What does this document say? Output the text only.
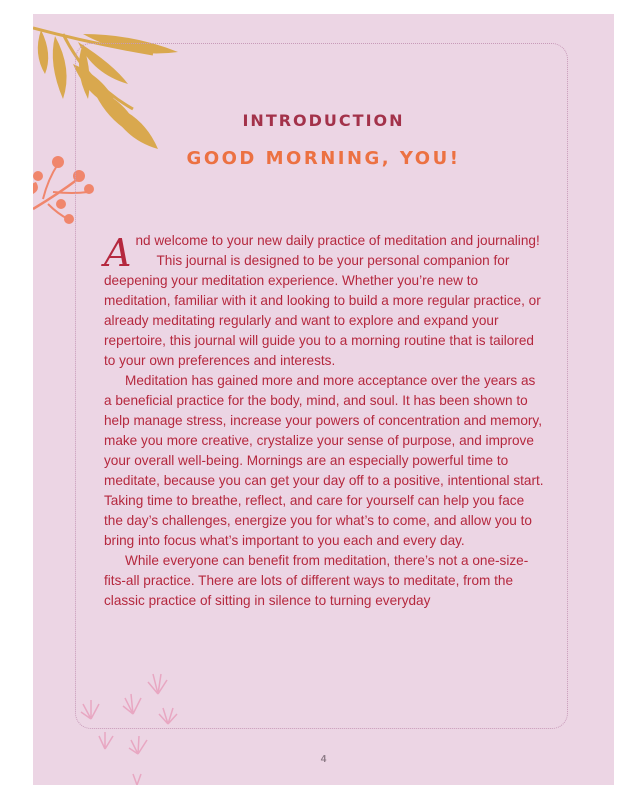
INTRODUCTION
GOOD MORNING, YOU!

And welcome to your new daily practice of meditation and journaling!

This journal is designed to be your personal companion for deepening your meditation experience. Whether you’re new to meditation, familiar with it and looking to build a more regular practice, or already meditating regularly and want to explore and expand your repertoire, this journal will guide you to a morning routine that is tailored to your own preferences and interests.

Meditation has gained more and more acceptance over the years as a beneficial practice for the body, mind, and soul. It has been shown to help manage stress, increase your powers of concentration and memory, make you more creative, crystalize your sense of purpose, and improve your overall well-being. Mornings are an especially powerful time to meditate, because you can get your day off to a positive, intentional start. Taking time to breathe, reflect, and care for yourself can help you face the day’s challenges, energize you for what’s to come, and allow you to bring into focus what’s important to you each and every day.

While everyone can benefit from meditation, there’s not a one-size-fits-all practice. There are lots of different ways to meditate, from the classic practice of sitting in silence to turning everyday

4
